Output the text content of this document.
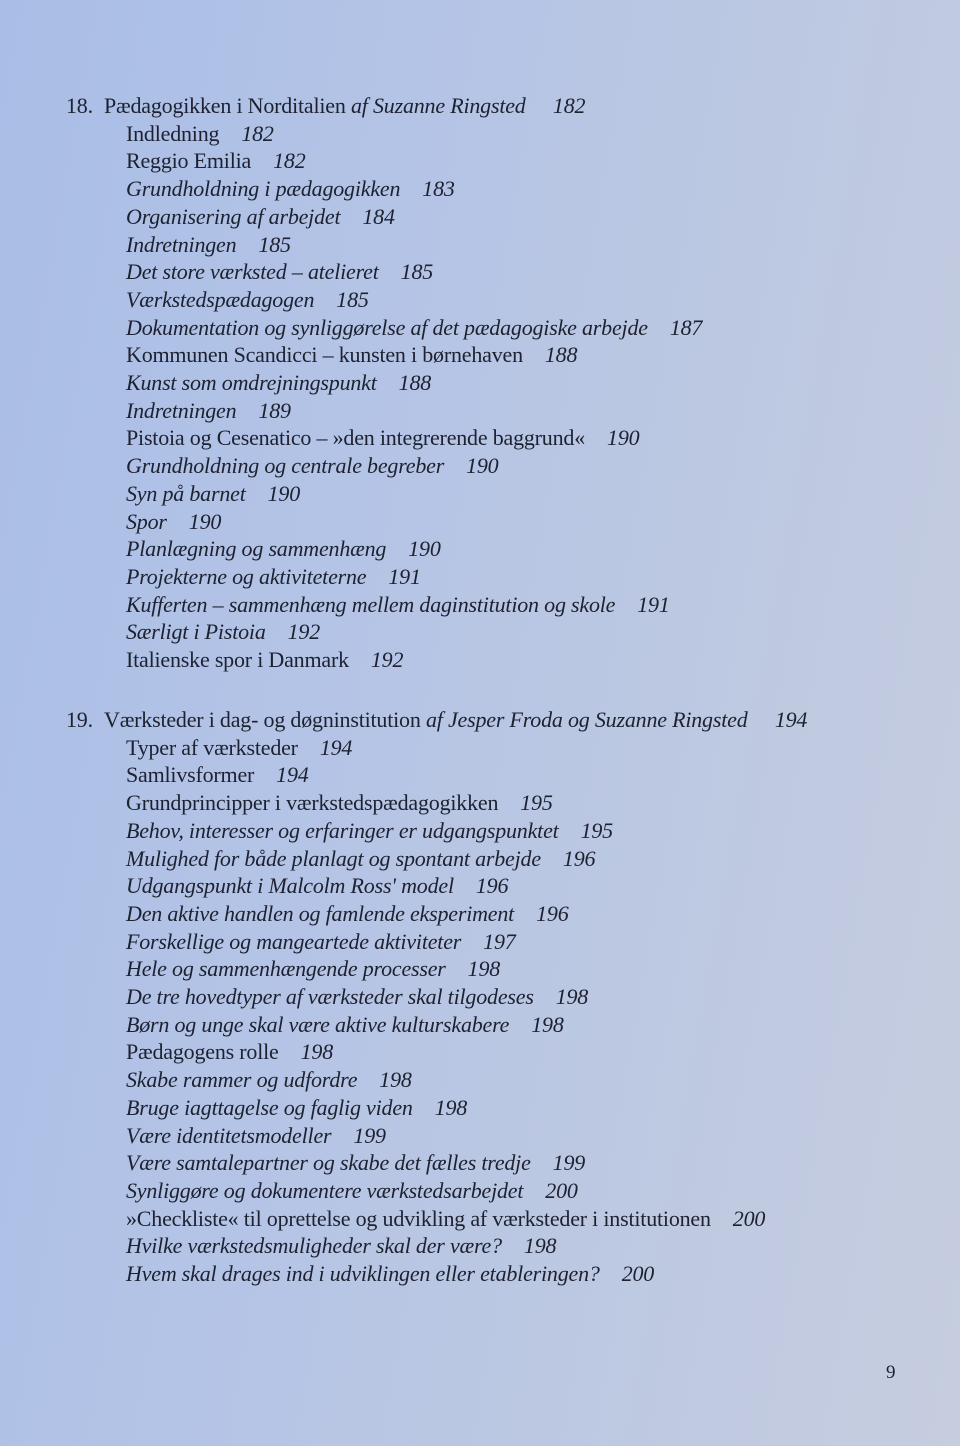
18. Pædagogikken i Norditalien af Suzanne Ringsted 182
Indledning 182
Reggio Emilia 182
Grundholdning i pædagogikken 183
Organisering af arbejdet 184
Indretningen 185
Det store værksted – atelieret 185
Værkstedspædagogen 185
Dokumentation og synliggørelse af det pædagogiske arbejde 187
Kommunen Scandicci – kunsten i børnehaven 188
Kunst som omdrejningspunkt 188
Indretningen 189
Pistoia og Cesenatico – »den integrerende baggrund« 190
Grundholdning og centrale begreber 190
Syn på barnet 190
Spor 190
Planlægning og sammenhæng 190
Projekterne og aktiviteterne 191
Kufferten – sammenhæng mellem daginstitution og skole 191
Særligt i Pistoia 192
Italienske spor i Danmark 192
19. Værksteder i dag- og døgninstitution af Jesper Froda og Suzanne Ringsted 194
Typer af værksteder 194
Samlivsformer 194
Grundprincipper i værkstedspædagogikken 195
Behov, interesser og erfaringer er udgangspunktet 195
Mulighed for både planlagt og spontant arbejde 196
Udgangspunkt i Malcolm Ross' model 196
Den aktive handlen og famlende eksperiment 196
Forskellige og mangeartede aktiviteter 197
Hele og sammenhængende processer 198
De tre hovedtyper af værksteder skal tilgodeses 198
Børn og unge skal være aktive kulturskabere 198
Pædagogens rolle 198
Skabe rammer og udfordre 198
Bruge iagttagelse og faglig viden 198
Være identitetsmodeller 199
Være samtalepartner og skabe det fælles tredje 199
Synliggøre og dokumentere værkstedsarbejdet 200
»Checkliste« til oprettelse og udvikling af værksteder i institutionen 200
Hvilke værkstedsmuligheder skal der være? 198
Hvem skal drages ind i udviklingen eller etableringen? 200
9
